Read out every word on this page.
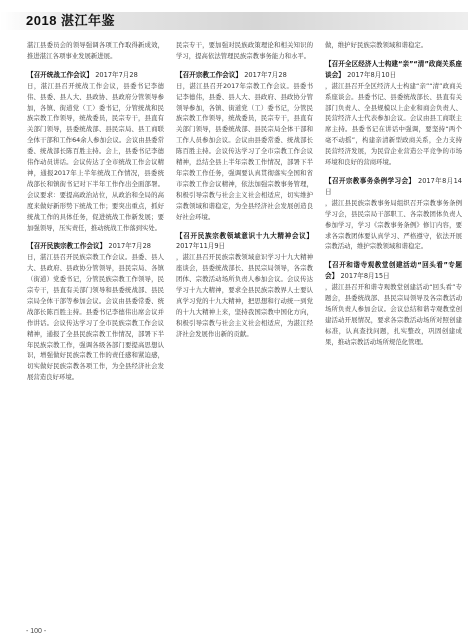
2018 湛江年鉴

湛江县委员会的领导强调各项工作取得新成效，推进湛江各项事业发展新进展。

【召开统战工作会议】 2017年7月28

日，湛江县召开统战工作会议，县委书记李德伟、县委、县人大、县政协、县政府分管领导参加，各镇、街道党（工）委书记，分管统战和民族宗教工作领导，统战委员，民宗专干，县直有关部门领导，县委统战部、县民宗局、县工商联全体干部和工作64余人参加会议。会议由县委常委、统战部长陈百胜主持。会上，县委书记李德伟作动员讲话。会议传达了全市统战工作会议精神，通报2017年上半年统战工作情况，县委统战部长和镇街书记对下半年工作作出全面部署。会议要求：要提高政治站位，从政治和全局的高度来做好新形势下统战工作；要突出重点，抓好统战工作的具体任务，促进统战工作新发展；要加强领导，压实责任，推动统战工作落到实处。

【召开民族宗教工作会议】 2017年7月28

日，湛江县召开民族宗教工作会议。县委、县人大、县政府、县政协分管领导，县民宗局、各镇（街道）党委书记，分管民族宗教工作领导，民宗专干，县直有关部门领导和县委统战部、县民宗局全体干部等参加会议。会议由县委常委、统战部长陈百胜主持。县委书记李德伟出席会议并作讲话。会议传达学习了全市民族宗教工作会议精神，通报了全县民族宗教工作情况，部署下半年民族宗教工作，强调各级各部门要提高思想认识，增强做好民族宗教工作的责任感和紧迫感，切实做好民族宗教各项工作，为全县经济社会发展营造良好环境。

民宗专干，要加强对民族政策理论和相关知识的学习，提高依法管理民族宗教事务能力和水平。

【召开宗教工作会议】 2017年7月28

日，湛江县召开2017年宗教工作会议。县委书记李德伟，县委、县人大、县政府、县政协分管领导参加，各镇、街道党（工）委书记，分管民族宗教工作领导，统战委员，民宗专干，县直有关部门领导，县委统战部、县民宗局全体干部和工作人员参加会议。会议由县委常委、统战部长陈百胜主持。会议传达学习了全市宗教工作会议精神，总结全县上半年宗教工作情况，部署下半年宗教工作任务，强调要认真贯彻落实全国和省市宗教工作会议精神，依法加强宗教事务管理，积极引导宗教与社会主义社会相适应，切实维护宗教领域和谐稳定，为全县经济社会发展创造良好社会环境。

【召开民族宗教领域意识十九大精神会议】 2017年11月9日

，湛江县召开民族宗教领域意识学习十九大精神座谈会，县委统战部长、县民宗局领导，各宗教团体、宗教活动场所负责人参加会议。会议传达学习十九大精神，要求全县民族宗教界人士要认真学习党的十九大精神，把思想和行动统一到党的十九大精神上来，坚持我国宗教中国化方向，积极引导宗教与社会主义社会相适应，为湛江经济社会发展作出新的贡献。

做，维护好民族宗教领域和谐稳定。

【召开全区经济人士构建“亲”“清”政商关系座谈会】 2017年8月10日

，湛江县召开全区经济人士构建“亲”“清”政商关系座谈会。县委书记、县委统战部长、县直有关部门负责人、全县规模以上企业和商会负责人、民营经济人士代表参加会议。会议由县工商联主席主持。县委书记在讲话中强调，要坚持“两个毫不动摇”，构建亲清新型政商关系，全力支持民营经济发展，为民营企业营造公平竞争的市场环境和良好的营商环境。

【召开宗教事务条例学习会】 2017年8月14日

，湛江县民族宗教事务局组织召开宗教事务条例学习会，县民宗局干部职工、各宗教团体负责人参加学习，学习《宗教事务条例》修订内容，要求各宗教团体要认真学习、严格遵守，依法开展宗教活动，维护宗教领域和谐稳定。

【召开和谐寺观教堂创建活动“回头看”专题会】 2017年8月15日

，湛江县召开和谐寺观教堂创建活动“回头看”专题会，县委统战部、县民宗局领导及各宗教活动场所负责人参加会议。会议总结和谐寺观教堂创建活动开展情况，要求各宗教活动场所对照创建标准，认真查找问题，扎实整改，巩固创建成果，推动宗教活动场所规范化管理。

- 100 -
